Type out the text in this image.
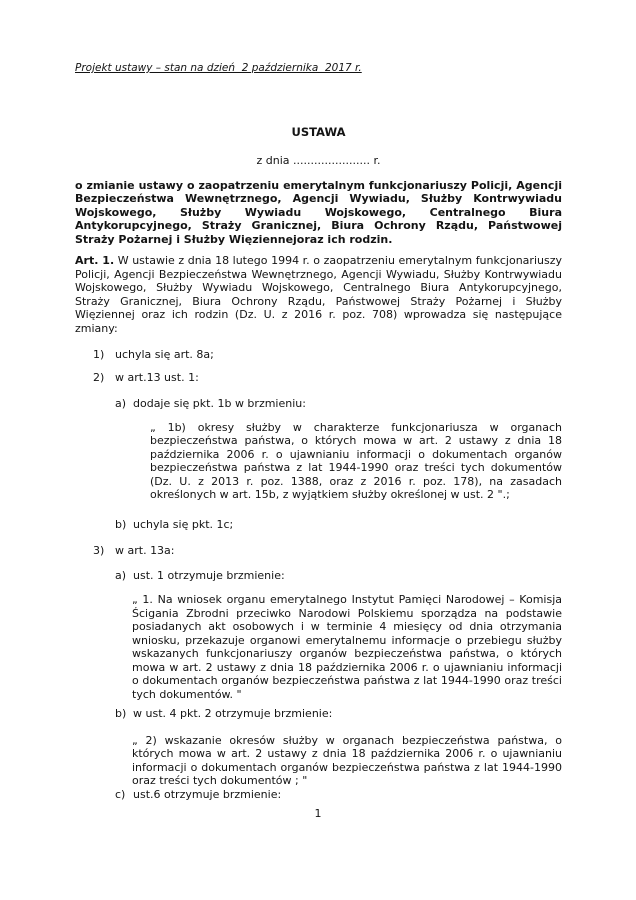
Projekt ustawy – stan na dzień  2 października  2017 r.
USTAWA
z dnia ...................... r.

o zmianie ustawy o zaopatrzeniu emerytalnym funkcjonariuszy Policji, Agencji Bezpieczeństwa Wewnętrznego, Agencji Wywiadu, Służby Kontrwywiadu Wojskowego, Służby Wywiadu Wojskowego, Centralnego Biura Antykorupcyjnego, Straży Granicznej, Biura Ochrony Rządu, Państwowej Straży Pożarnej i Służby Więziennejoraz ich rodzin.

Art. 1. W ustawie z dnia 18 lutego 1994 r. o zaopatrzeniu emerytalnym funkcjonariuszy Policji, Agencji Bezpieczeństwa Wewnętrznego, Agencji Wywiadu, Służby Kontrwywiadu Wojskowego, Służby Wywiadu Wojskowego, Centralnego Biura Antykorupcyjnego, Straży Granicznej, Biura Ochrony Rządu, Państwowej Straży Pożarnej i Służby Więziennej oraz ich rodzin (Dz. U. z 2016 r. poz. 708) wprowadza się następujące zmiany:

1) uchyla się art. 8a;
2) w art.13 ust. 1:
a) dodaje się pkt. 1b w brzmieniu:
„ 1b) okresy służby w charakterze funkcjonariusza w organach bezpieczeństwa państwa, o których mowa w art. 2 ustawy z dnia 18 października 2006 r. o ujawnianiu informacji o dokumentach organów bezpieczeństwa państwa z lat 1944-1990 oraz treści tych dokumentów (Dz. U. z 2013 r. poz. 1388, oraz z 2016 r. poz. 178), na zasadach określonych w art. 15b, z wyjątkiem służby określonej w ust. 2 ".;
b) uchyla się pkt. 1c;
3) w art. 13a:
a) ust. 1 otrzymuje brzmienie:
„ 1. Na wniosek organu emerytalnego Instytut Pamięci Narodowej – Komisja Ścigania Zbrodni przeciwko Narodowi Polskiemu sporządza na podstawie posiadanych akt osobowych i w terminie 4 miesięcy od dnia otrzymania wniosku, przekazuje organowi emerytalnemu informacje o przebiegu służby wskazanych funkcjonariuszy organów bezpieczeństwa państwa, o których mowa w art. 2 ustawy z dnia 18 października 2006 r. o ujawnianiu informacji o dokumentach organów bezpieczeństwa państwa z lat 1944-1990 oraz treści tych dokumentów. "
b) w ust. 4 pkt. 2 otrzymuje brzmienie:
„ 2) wskazanie okresów służby w organach bezpieczeństwa państwa, o których mowa w art. 2 ustawy z dnia 18 października 2006 r. o ujawnianiu informacji o dokumentach organów bezpieczeństwa państwa z lat 1944-1990 oraz treści tych dokumentów ; "
c) ust.6 otrzymuje brzmienie:
1
